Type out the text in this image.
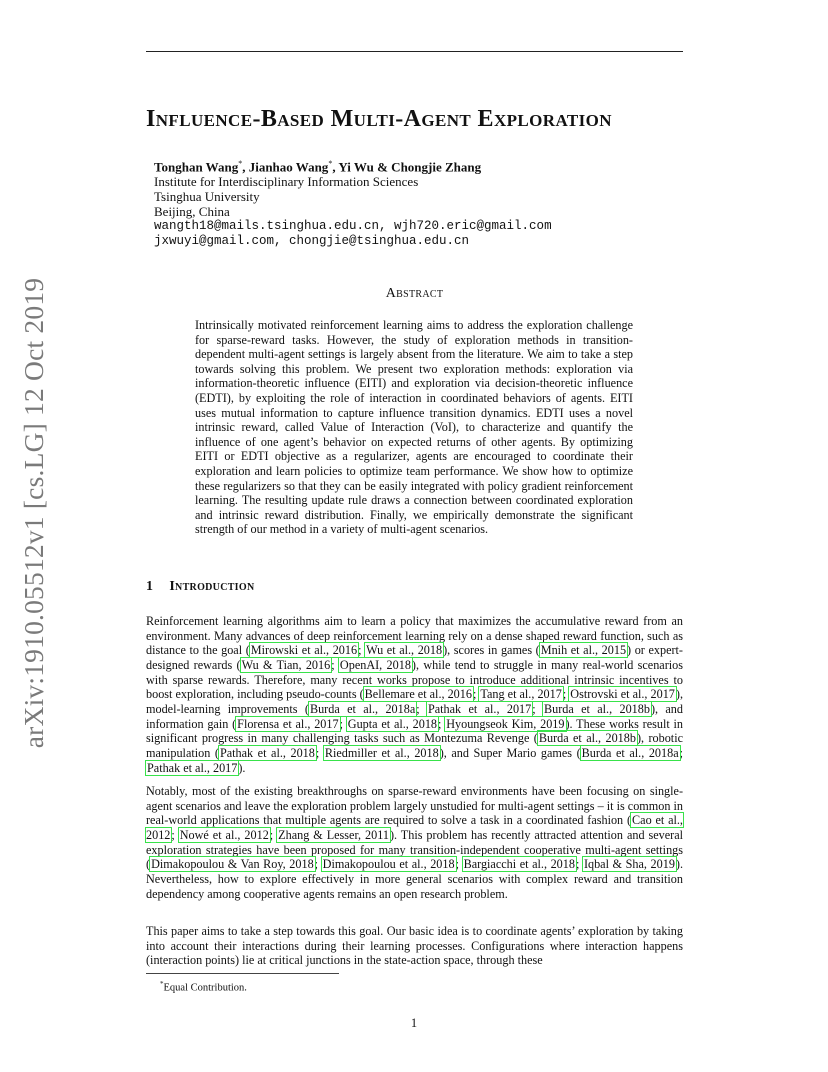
arXiv:1910.05512v1 [cs.LG] 12 Oct 2019
Influence-Based Multi-Agent Exploration
Tonghan Wang*, Jianhao Wang*, Yi Wu & Chongjie Zhang
Institute for Interdisciplinary Information Sciences
Tsinghua University
Beijing, China
wangth18@mails.tsinghua.edu.cn, wjh720.eric@gmail.com
jxwuyi@gmail.com, chongjie@tsinghua.edu.cn
Abstract

Intrinsically motivated reinforcement learning aims to address the exploration challenge for sparse-reward tasks. However, the study of exploration methods in transition-dependent multi-agent settings is largely absent from the literature. We aim to take a step towards solving this problem. We present two exploration methods: exploration via information-theoretic influence (EITI) and exploration via decision-theoretic influence (EDTI), by exploiting the role of interaction in coordinated behaviors of agents. EITI uses mutual information to capture influence transition dynamics. EDTI uses a novel intrinsic reward, called Value of Interaction (VoI), to characterize and quantify the influence of one agent’s behavior on expected returns of other agents. By optimizing EITI or EDTI objective as a regularizer, agents are encouraged to coordinate their exploration and learn policies to optimize team performance. We show how to optimize these regularizers so that they can be easily integrated with policy gradient reinforcement learning. The resulting update rule draws a connection between coordinated exploration and intrinsic reward distribution. Finally, we empirically demonstrate the significant strength of our method in a variety of multi-agent scenarios.

1 Introduction

Reinforcement learning algorithms aim to learn a policy that maximizes the accumulative reward from an environment. Many advances of deep reinforcement learning rely on a dense shaped reward function, such as distance to the goal (Mirowski et al., 2016; Wu et al., 2018), scores in games (Mnih et al., 2015) or expert-designed rewards (Wu & Tian, 2016; OpenAI, 2018), while tend to struggle in many real-world scenarios with sparse rewards. Therefore, many recent works propose to introduce additional intrinsic incentives to boost exploration, including pseudo-counts (Bellemare et al., 2016; Tang et al., 2017; Ostrovski et al., 2017), model-learning improvements (Burda et al., 2018a; Pathak et al., 2017; Burda et al., 2018b), and information gain (Florensa et al., 2017; Gupta et al., 2018; Hyoungseok Kim, 2019). These works result in significant progress in many challenging tasks such as Montezuma Revenge (Burda et al., 2018b), robotic manipulation (Pathak et al., 2018; Riedmiller et al., 2018), and Super Mario games (Burda et al., 2018a; Pathak et al., 2017).

Notably, most of the existing breakthroughs on sparse-reward environments have been focusing on single-agent scenarios and leave the exploration problem largely unstudied for multi-agent settings – it is common in real-world applications that multiple agents are required to solve a task in a coordinated fashion (Cao et al., 2012; Nowé et al., 2012; Zhang & Lesser, 2011). This problem has recently attracted attention and several exploration strategies have been proposed for many transition-independent cooperative multi-agent settings (Dimakopoulou & Van Roy, 2018; Dimakopoulou et al., 2018; Bargiacchi et al., 2018; Iqbal & Sha, 2019). Nevertheless, how to explore effectively in more general scenarios with complex reward and transition dependency among cooperative agents remains an open research problem.

This paper aims to take a step towards this goal. Our basic idea is to coordinate agents’ exploration by taking into account their interactions during their learning processes. Configurations where interaction happens (interaction points) lie at critical junctions in the state-action space, through these

*Equal Contribution.
1
